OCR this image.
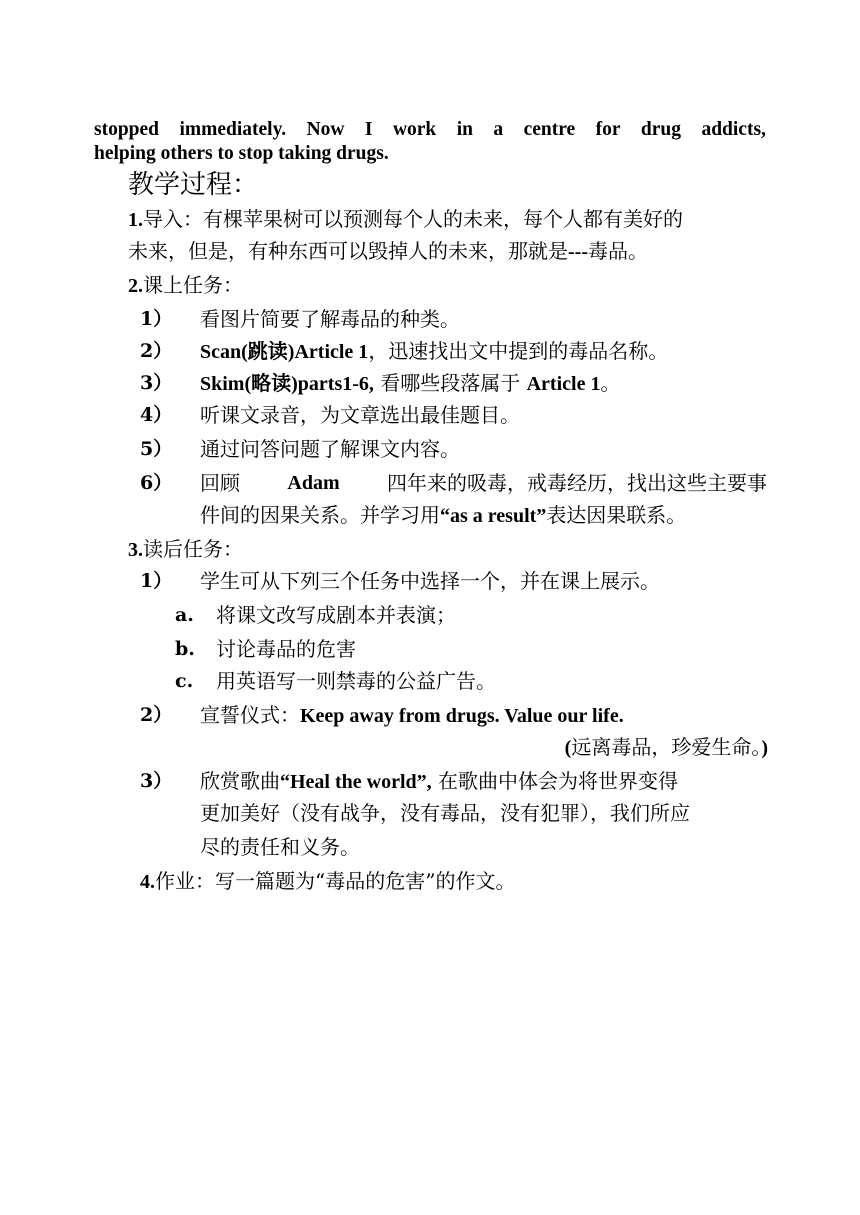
stopped immediately. Now I work in a centre for drug addicts,
helping others to stop taking drugs.
教学过程：
1.导入：有棵苹果树可以预测每个人的未来，每个人都有美好的
未来，但是，有种东西可以毁掉人的未来，那就是---毒品。
2.课上任务：
1） 看图片简要了解毒品的种类。
2） Scan(跳读)Article 1，迅速找出文中提到的毒品名称。
3） Skim(略读)parts1-6, 看哪些段落属于 Article 1。
4） 听课文录音，为文章选出最佳题目。
5） 通过问答问题了解课文内容。
6） 回顾 Adam 四年来的吸毒，戒毒经历，找出这些主要事
件间的因果关系。并学习用“as a result”表达因果联系。
3.读后任务：
1） 学生可从下列三个任务中选择一个，并在课上展示。
a. 将课文改写成剧本并表演；
b. 讨论毒品的危害
c. 用英语写一则禁毒的公益广告。
2） 宣誓仪式：Keep away from drugs. Value our life.
(远离毒品，珍爱生命。)
3） 欣赏歌曲“Heal the world”, 在歌曲中体会为将世界变得
更加美好（没有战争，没有毒品，没有犯罪），我们所应
尽的责任和义务。
4.作业：写一篇题为“毒品的危害”的作文。
